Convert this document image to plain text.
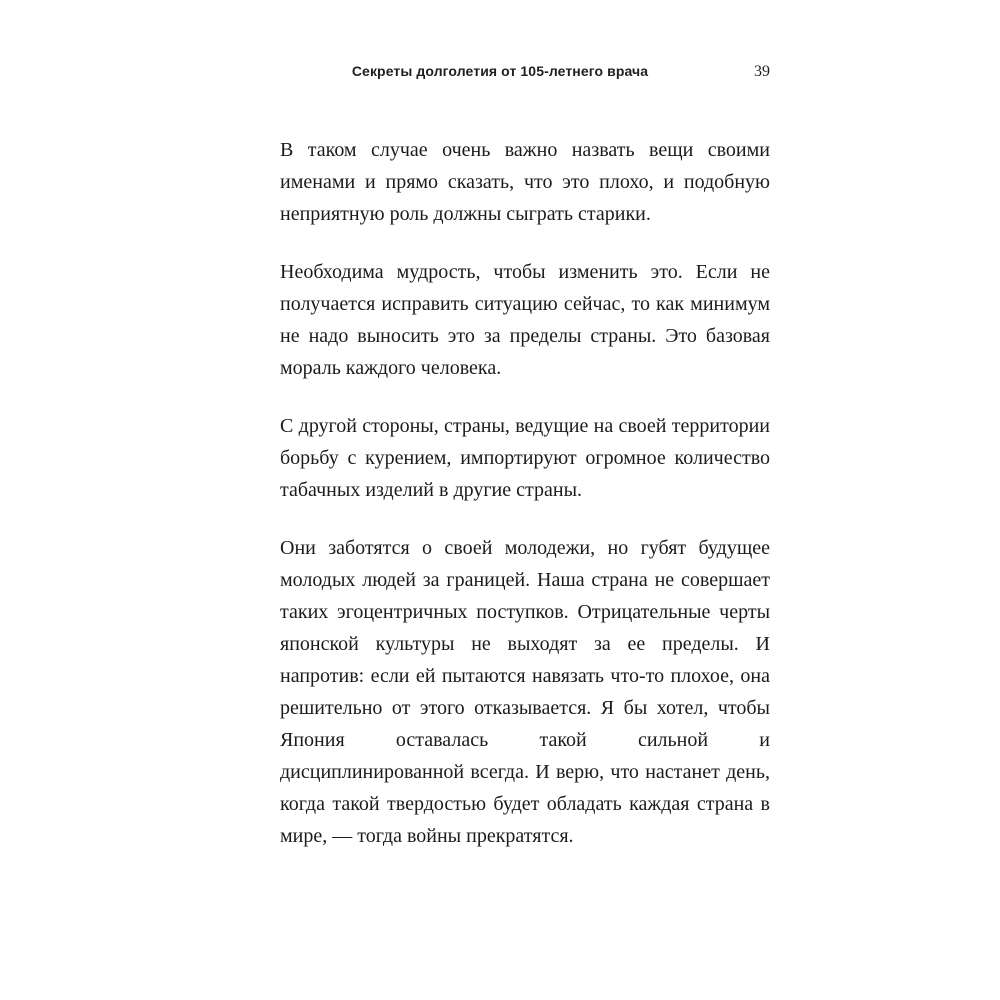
Секреты долголетия от 105-летнего врача	39

В таком случае очень важно назвать вещи своими именами и прямо сказать, что это плохо, и подобную неприятную роль должны сыграть старики.

Необходима мудрость, чтобы изменить это. Если не получается исправить ситуацию сейчас, то как минимум не надо выносить это за пределы страны. Это базовая мораль каждого человека.

С другой стороны, страны, ведущие на своей территории борьбу с курением, импортируют огромное количество табачных изделий в другие страны.

Они заботятся о своей молодежи, но губят будущее молодых людей за границей. Наша страна не совершает таких эгоцентричных поступков. Отрицательные черты японской культуры не выходят за ее пределы. И напротив: если ей пытаются навязать что-то плохое, она решительно от этого отказывается. Я бы хотел, чтобы Япония оставалась такой сильной и дисциплинированной всегда. И верю, что настанет день, когда такой твердостью будет обладать каждая страна в мире, — тогда войны прекратятся.
